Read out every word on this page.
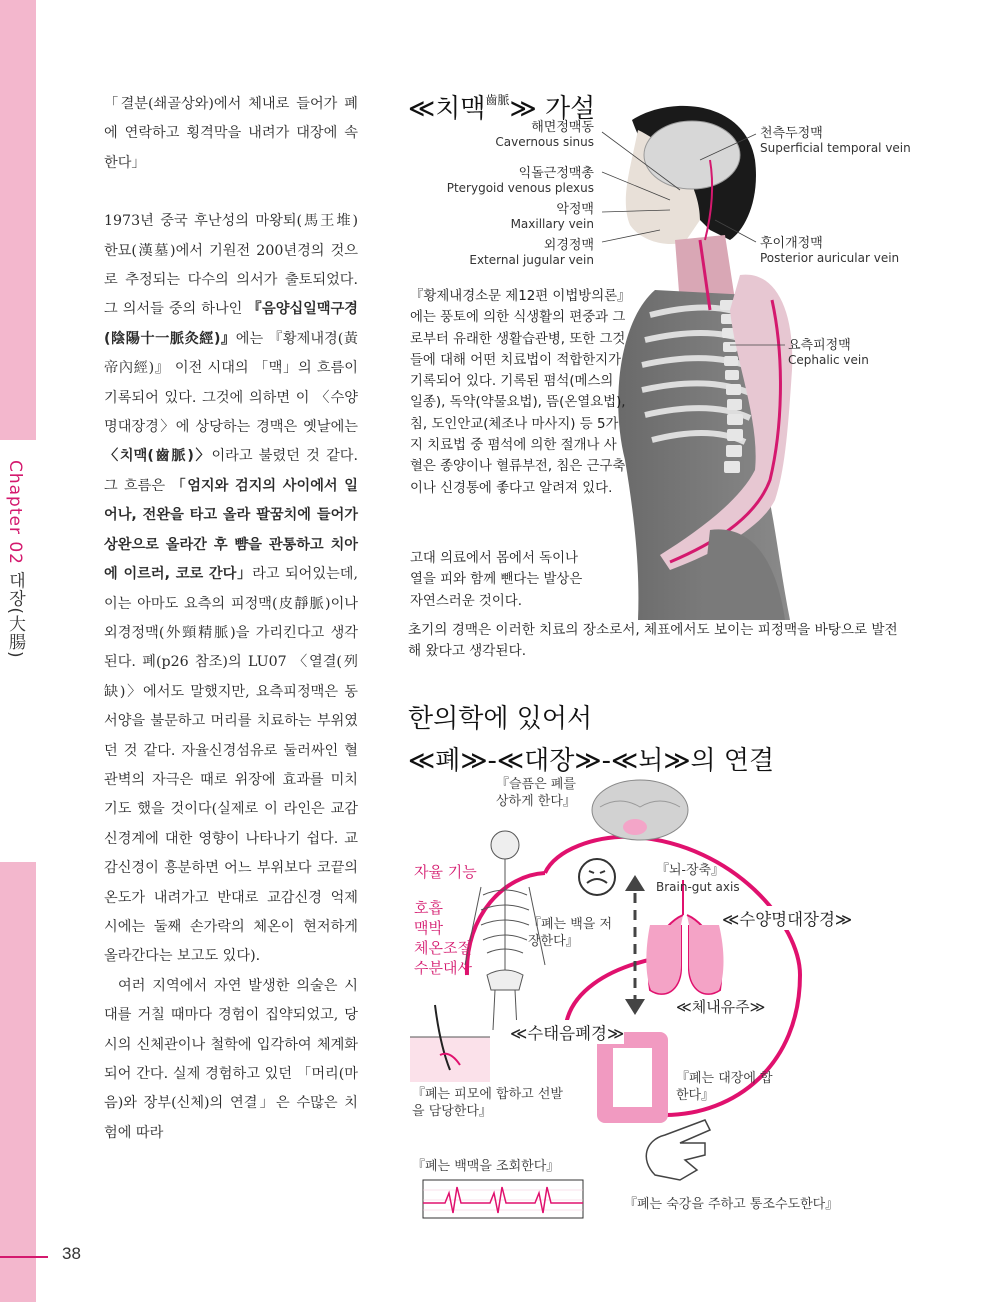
Chapter 02 대장(大腸)
38

「결분(쇄골상와)에서 체내로 들어가 폐에 연락하고 횡격막을 내려가 대장에 속한다」

1973년 중국 후난성의 마왕퇴(馬王堆) 한묘(漢墓)에서 기원전 200년경의 것으로 추정되는 다수의 의서가 출토되었다. 그 의서들 중의 하나인 『음양십일맥구경(陰陽十一脈灸經)』에는 『황제내경(黃帝內經)』 이전 시대의 「맥」의 흐름이 기록되어 있다. 그것에 의하면 이 〈수양명대장경〉에 상당하는 경맥은 옛날에는 〈치맥(齒脈)〉이라고 불렸던 것 같다. 그 흐름은 「엄지와 검지의 사이에서 일어나, 전완을 타고 올라 팔꿈치에 들어가 상완으로 올라간 후 뺨을 관통하고 치아에 이르러, 코로 간다」라고 되어있는데, 이는 아마도 요측의 피정맥(皮靜脈)이나 외경정맥(外頸精脈)을 가리킨다고 생각된다. 폐(p26 참조)의 LU07 〈열결(列缺)〉에서도 말했지만, 요측피정맥은 동서양을 불문하고 머리를 치료하는 부위였던 것 같다. 자율신경섬유로 둘러싸인 혈관벽의 자극은 때로 위장에 효과를 미치기도 했을 것이다(실제로 이 라인은 교감신경계에 대한 영향이 나타나기 쉽다. 교감신경이 흥분하면 어느 부위보다 코끝의 온도가 내려가고 반대로 교감신경 억제 시에는 둘째 손가락의 체온이 현저하게 올라간다는 보고도 있다).

여러 지역에서 자연 발생한 의술은 시대를 거칠 때마다 경험이 집약되었고, 당시의 신체관이나 철학에 입각하여 체계화되어 간다. 실제 경험하고 있던 「머리(마음)와 장부(신체)의 연결」은 수많은 치험에 따라

≪치맥$^{齒脈}$≫ 가설
해면정맥동
Cavernous sinus
익돌근정맥총
Pterygoid venous plexus
악정맥
Maxillary vein
외경정맥
External jugular vein
천측두정맥
Superficial temporal vein
후이개정맥
Posterior auricular vein
요측피정맥
Cephalic vein
『황제내경소문 제12편 이법방의론』에는 풍토에 의한 식생활의 편중과 그로부터 유래한 생활습관병, 또한 그것들에 대해 어떤 치료법이 적합한지가 기록되어 있다. 기록된 폄석(메스의 일종), 독약(약물요법), 뜸(온열요법), 침, 도인안교(체조나 마사지) 등 5가지 치료법 중 폄석에 의한 절개나 사혈은 종양이나 혈류부전, 침은 근구축이나 신경통에 좋다고 알려져 있다.
고대 의료에서 몸에서 독이나 열을 피와 함께 뺀다는 발상은 자연스러운 것이다.
초기의 경맥은 이러한 치료의 장소로서, 체표에서도 보이는 피정맥을 바탕으로 발전해 왔다고 생각된다.
한의학에 있어서
≪폐≫-≪대장≫-≪뇌≫의 연결
『슬픔은 폐를 상하게 한다』
자율 기능
호흡
맥박
체온조절
수분대사
『뇌-장축』
Brain-gut axis
≪수양명대장경≫
『폐는 백을 저장한다』
≪체내유주≫
≪수태음폐경≫
『폐는 피모에 합하고 선발을 담당한다』
『폐는 대장에 합한다』
『폐는 백맥을 조회한다』
『폐는 숙강을 주하고 통조수도한다』
